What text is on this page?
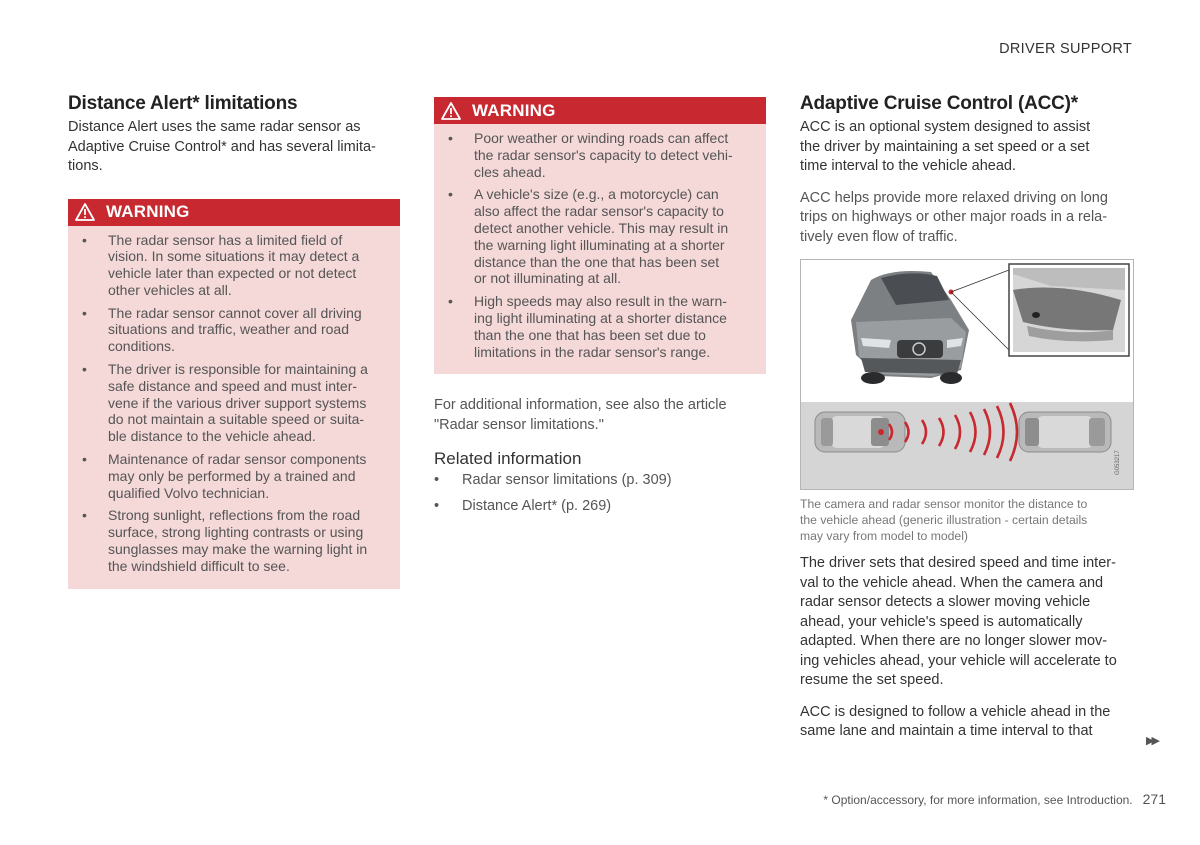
DRIVER SUPPORT
Distance Alert* limitations

Distance Alert uses the same radar sensor as
Adaptive Cruise Control* and has several limita-
tions.

WARNING
• The radar sensor has a limited field of
vision. In some situations it may detect a
vehicle later than expected or not detect
other vehicles at all.
• The radar sensor cannot cover all driving
situations and traffic, weather and road
conditions.
• The driver is responsible for maintaining a
safe distance and speed and must inter-
vene if the various driver support systems
do not maintain a suitable speed or suita-
ble distance to the vehicle ahead.
• Maintenance of radar sensor components
may only be performed by a trained and
qualified Volvo technician.
• Strong sunlight, reflections from the road
surface, strong lighting contrasts or using
sunglasses may make the warning light in
the windshield difficult to see.
WARNING
• Poor weather or winding roads can affect
the radar sensor's capacity to detect vehi-
cles ahead.
• A vehicle's size (e.g., a motorcycle) can
also affect the radar sensor's capacity to
detect another vehicle. This may result in
the warning light illuminating at a shorter
distance than the one that has been set
or not illuminating at all.
• High speeds may also result in the warn-
ing light illuminating at a shorter distance
than the one that has been set due to
limitations in the radar sensor's range.

For additional information, see also the article
"Radar sensor limitations."

Related information
• Radar sensor limitations (p. 309)
• Distance Alert* (p. 269)
Adaptive Cruise Control (ACC)*

ACC is an optional system designed to assist
the driver by maintaining a set speed or a set
time interval to the vehicle ahead.

ACC helps provide more relaxed driving on long
trips on highways or other major roads in a rela-
tively even flow of traffic.

G053217

The camera and radar sensor monitor the distance to
the vehicle ahead (generic illustration - certain details
may vary from model to model)

The driver sets that desired speed and time inter-
val to the vehicle ahead. When the camera and
radar sensor detects a slower moving vehicle
ahead, your vehicle's speed is automatically
adapted. When there are no longer slower mov-
ing vehicles ahead, your vehicle will accelerate to
resume the set speed.

ACC is designed to follow a vehicle ahead in the
same lane and maintain a time interval to that

▶▶
* Option/accessory, for more information, see Introduction. 271
